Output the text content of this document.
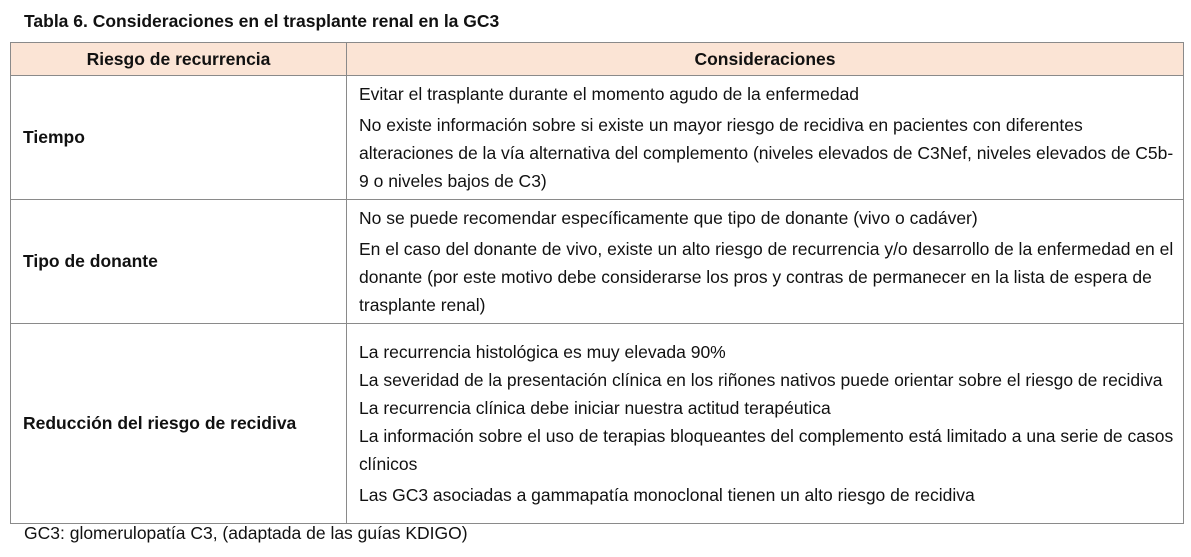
Tabla 6. Consideraciones en el trasplante renal en la GC3
Riesgo de recurrencia	Consideraciones
Tiempo	Evitar el trasplante durante el momento agudo de la enfermedad
No existe información sobre si existe un mayor riesgo de recidiva en pacientes con diferentes alteraciones de la vía alternativa del complemento (niveles elevados de C3Nef, niveles elevados de C5b-9 o niveles bajos de C3)

Tipo de donante	No se puede recomendar específicamente que tipo de donante (vivo o cadáver)
En el caso del donante de vivo, existe un alto riesgo de recurrencia y/o desarrollo de la enfermedad en el donante (por este motivo debe considerarse los pros y contras de permanecer en la lista de espera de trasplante renal)

Reducción del riesgo de recidiva	La recurrencia histológica es muy elevada 90%
La severidad de la presentación clínica en los riñones nativos puede orientar sobre el riesgo de recidiva
La recurrencia clínica debe iniciar nuestra actitud terapéutica
La información sobre el uso de terapias bloqueantes del complemento está limitado a una serie de casos clínicos
Las GC3 asociadas a gammapatía monoclonal tienen un alto riesgo de recidiva
GC3: glomerulopatía C3, (adaptada de las guías KDIGO)
